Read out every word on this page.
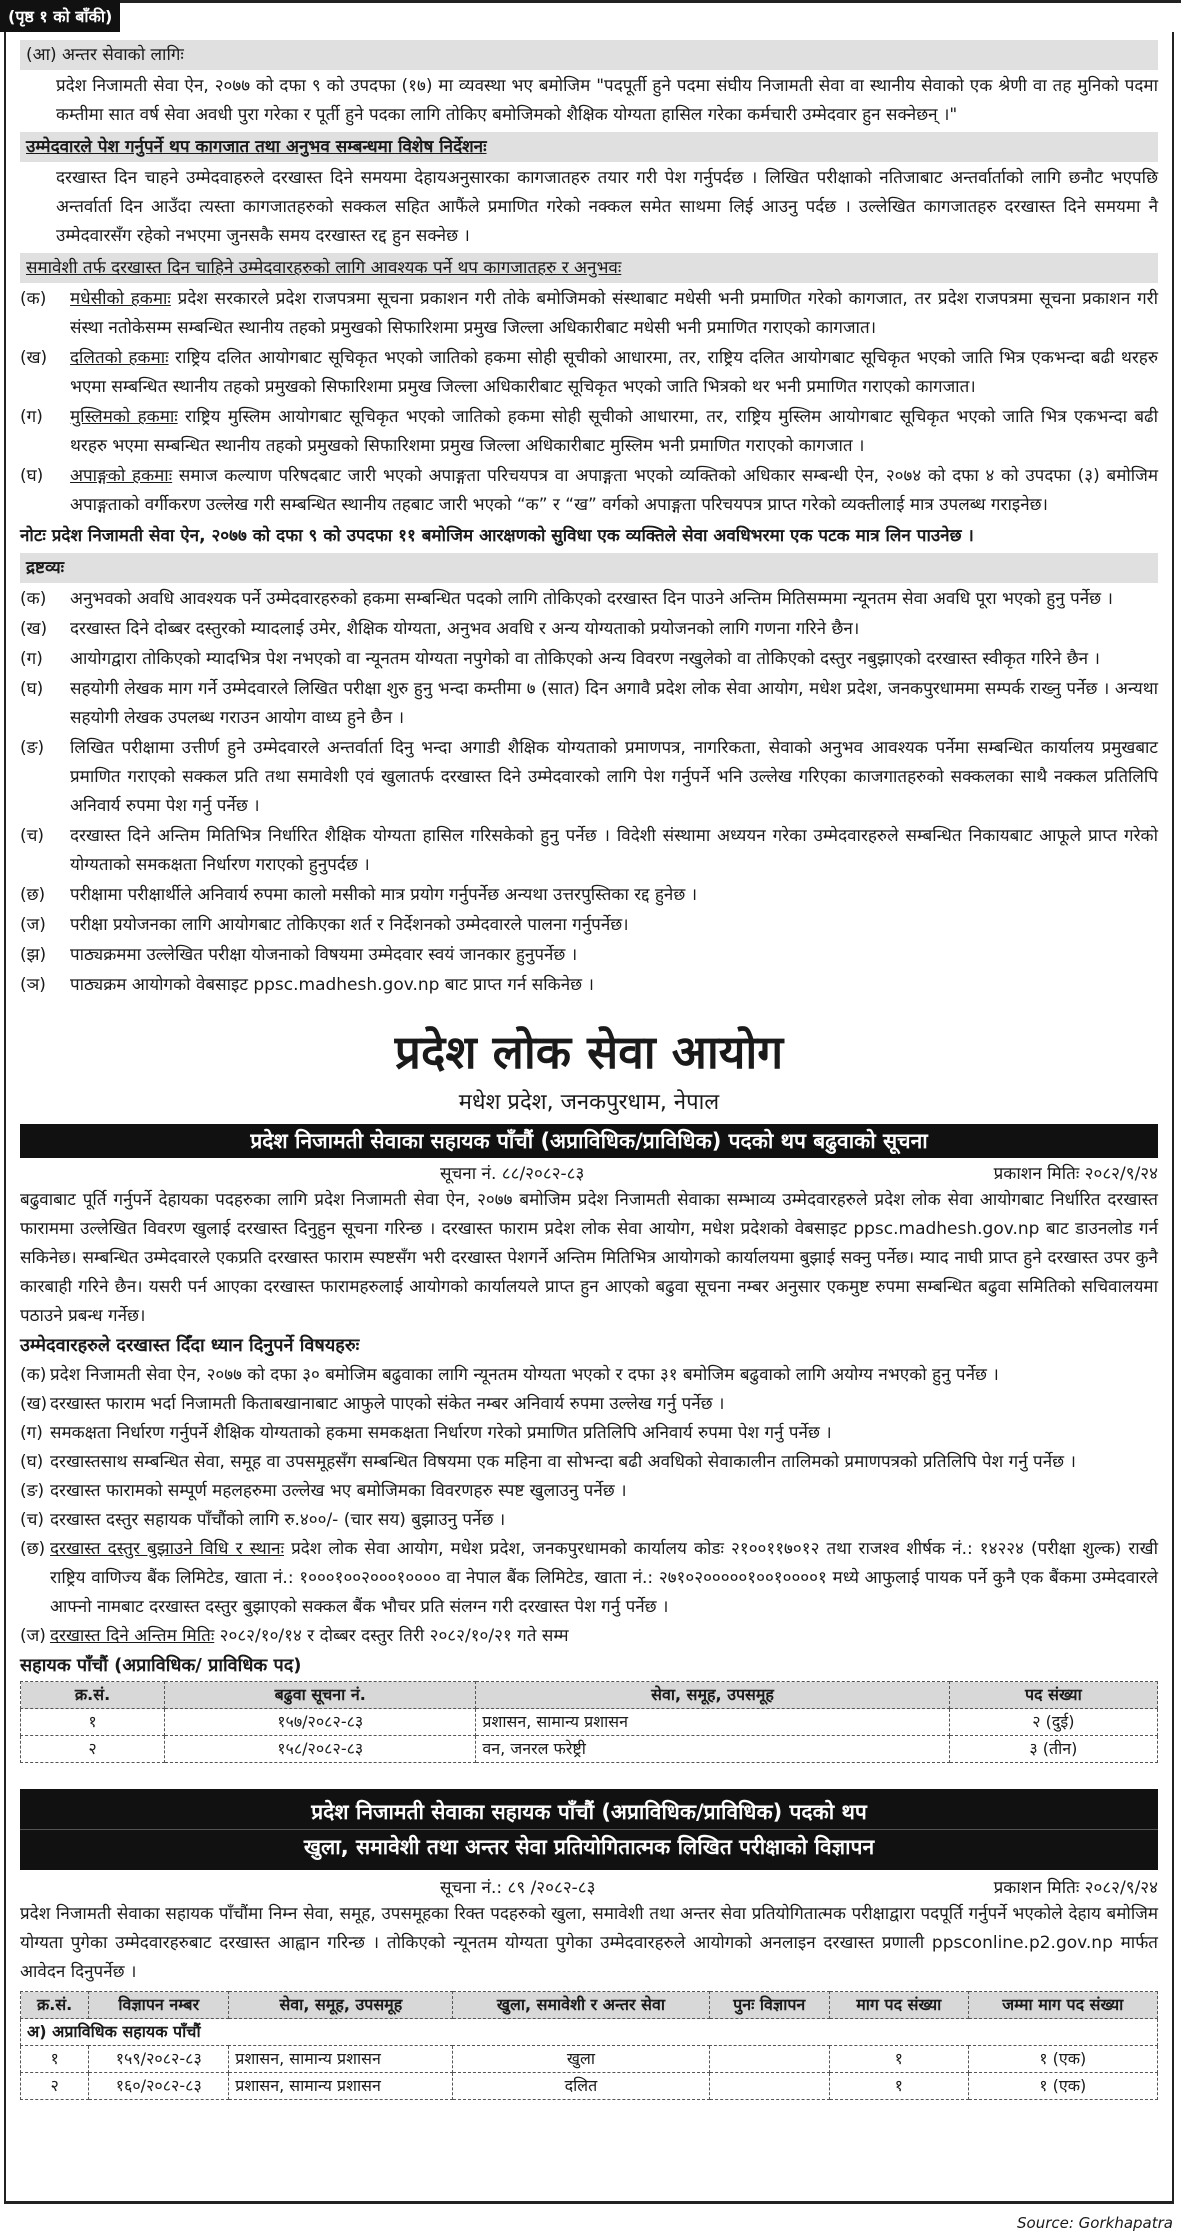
(पृष्ठ १ को बाँकी)
(आ) अन्तर सेवाको लागिः

प्रदेश निजामती सेवा ऐन, २०७७ को दफा ९ को उपदफा (१७) मा व्यवस्था भए बमोजिम "पदपूर्ती हुने पदमा संघीय निजामती सेवा वा स्थानीय सेवाको एक श्रेणी वा तह मुनिको पदमा कम्तीमा सात वर्ष सेवा अवधी पुरा गरेका र पूर्ती हुने पदका लागि तोकिए बमोजिमको शैक्षिक योग्यता हासिल गरेका कर्मचारी उम्मेदवार हुन सक्नेछन् ।"

उम्मेदवारले पेश गर्नुपर्ने थप कागजात तथा अनुभव सम्बन्धमा विशेष निर्देशनः

दरखास्त दिन चाहने उम्मेदवाहरुले दरखास्त दिने समयमा देहायअनुसारका कागजातहरु तयार गरी पेश गर्नुपर्दछ । लिखित परीक्षाको नतिजाबाट अन्तर्वार्ताको लागि छनौट भएपछि अन्तर्वार्ता दिन आउँदा त्यस्ता कागजातहरुको सक्कल सहित आफैंले प्रमाणित गरेको नक्कल समेत साथमा लिई आउनु पर्दछ । उल्लेखित कागजातहरु दरखास्त दिने समयमा नै उम्मेदवारसँग रहेको नभएमा जुनसकै समय दरखास्त रद्द हुन सक्नेछ ।

समावेशी तर्फ दरखास्त दिन चाहिने उम्मेदवारहरुको लागि आवश्यक पर्ने थप कागजातहरु र अनुभवः
(क)	मधेसीको हकमाः प्रदेश सरकारले प्रदेश राजपत्रमा सूचना प्रकाशन गरी तोके बमोजिमको संस्थाबाट मधेसी भनी प्रमाणित गरेको कागजात, तर प्रदेश राजपत्रमा सूचना प्रकाशन गरी संस्था नतोकेसम्म सम्बन्धित स्थानीय तहको प्रमुखको सिफारिशमा प्रमुख जिल्ला अधिकारीबाट मधेसी भनी प्रमाणित गराएको कागजात।
(ख)	दलितको हकमाः राष्ट्रिय दलित आयोगबाट सूचिकृत भएको जातिको हकमा सोही सूचीको आधारमा, तर, राष्ट्रिय दलित आयोगबाट सूचिकृत भएको जाति भित्र एकभन्दा बढी थरहरु भएमा सम्बन्धित स्थानीय तहको प्रमुखको सिफारिशमा प्रमुख जिल्ला अधिकारीबाट सूचिकृत भएको जाति भित्रको थर भनी प्रमाणित गराएको कागजात।
(ग)	मुस्लिमको हकमाः राष्ट्रिय मुस्लिम आयोगबाट सूचिकृत भएको जातिको हकमा सोही सूचीको आधारमा, तर, राष्ट्रिय मुस्लिम आयोगबाट सूचिकृत भएको जाति भित्र एकभन्दा बढी थरहरु भएमा सम्बन्धित स्थानीय तहको प्रमुखको सिफारिशमा प्रमुख जिल्ला अधिकारीबाट मुस्लिम भनी प्रमाणित गराएको कागजात ।
(घ)	अपाङ्गको हकमाः समाज कल्याण परिषदबाट जारी भएको अपाङ्गता परिचयपत्र वा अपाङ्गता भएको व्यक्तिको अधिकार सम्बन्धी ऐन, २०७४ को दफा ४ को उपदफा (३) बमोजिम अपाङ्गताको वर्गीकरण उल्लेख गरी सम्बन्धित स्थानीय तहबाट जारी भएको “क” र “ख” वर्गको अपाङ्गता परिचयपत्र प्राप्त गरेको व्यक्तीलाई मात्र उपलब्ध गराइनेछ।
नोटः प्रदेश निजामती सेवा ऐन, २०७७ को दफा ९ को उपदफा ११ बमोजिम आरक्षणको सुविधा एक व्यक्तिले सेवा अवधिभरमा एक पटक मात्र लिन पाउनेछ ।
द्रष्टव्यः
(क)	अनुभवको अवधि आवश्यक पर्ने उम्मेदवारहरुको हकमा सम्बन्धित पदको लागि तोकिएको दरखास्त दिन पाउने अन्तिम मितिसम्ममा न्यूनतम सेवा अवधि पूरा भएको हुनु पर्नेछ ।
(ख)	दरखास्त दिने दोब्बर दस्तुरको म्यादलाई उमेर, शैक्षिक योग्यता, अनुभव अवधि र अन्य योग्यताको प्रयोजनको लागि गणना गरिने छैन।
(ग)	आयोगद्वारा तोकिएको म्यादभित्र पेश नभएको वा न्यूनतम योग्यता नपुगेको वा तोकिएको अन्य विवरण नखुलेको वा तोकिएको दस्तुर नबुझाएको दरखास्त स्वीकृत गरिने छैन ।
(घ)	सहयोगी लेखक माग गर्ने उम्मेदवारले लिखित परीक्षा शुरु हुनु भन्दा कम्तीमा ७ (सात) दिन अगावै प्रदेश लोक सेवा आयोग, मधेश प्रदेश, जनकपुरधाममा सम्पर्क राख्नु पर्नेछ । अन्यथा सहयोगी लेखक उपलब्ध गराउन आयोग वाध्य हुने छैन ।
(ङ)	लिखित परीक्षामा उत्तीर्ण हुने उम्मेदवारले अन्तर्वार्ता दिनु भन्दा अगाडी शैक्षिक योग्यताको प्रमाणपत्र, नागरिकता, सेवाको अनुभव आवश्यक पर्नेमा सम्बन्धित कार्यालय प्रमुखबाट प्रमाणित गराएको सक्कल प्रति तथा समावेशी एवं खुलातर्फ दरखास्त दिने उम्मेदवारको लागि पेश गर्नुपर्ने भनि उल्लेख गरिएका काजगातहरुको सक्कलका साथै नक्कल प्रतिलिपि अनिवार्य रुपमा पेश गर्नु पर्नेछ ।
(च)	दरखास्त दिने अन्तिम मितिभित्र निर्धारित शैक्षिक योग्यता हासिल गरिसकेको हुनु पर्नेछ । विदेशी संस्थामा अध्ययन गरेका उम्मेदवारहरुले सम्बन्धित निकायबाट आफूले प्राप्त गरेको योग्यताको समकक्षता निर्धारण गराएको हुनुपर्दछ ।
(छ)	परीक्षामा परीक्षार्थीले अनिवार्य रुपमा कालो मसीको मात्र प्रयोग गर्नुपर्नेछ अन्यथा उत्तरपुस्तिका रद्द हुनेछ ।
(ज)	परीक्षा प्रयोजनका लागि आयोगबाट तोकिएका शर्त र निर्देशनको उम्मेदवारले पालना गर्नुपर्नेछ।
(झ)	पाठ्यक्रममा उल्लेखित परीक्षा योजनाको विषयमा उम्मेदवार स्वयं जानकार हुनुपर्नेछ ।
(ञ)	पाठ्यक्रम आयोगको वेबसाइट ppsc.madhesh.gov.np बाट प्राप्त गर्न सकिनेछ ।
प्रदेश लोक सेवा आयोग
मधेश प्रदेश, जनकपुरधाम, नेपाल
प्रदेश निजामती सेवाका सहायक पाँचौं (अप्राविधिक/प्राविधिक) पदको थप बढुवाको सूचना
सूचना नं. ८८/२०८२-८३	प्रकाशन मितिः २०८२/९/२४

बढुवाबाट पूर्ति गर्नुपर्ने देहायका पदहरुका लागि प्रदेश निजामती सेवा ऐन, २०७७ बमोजिम प्रदेश निजामती सेवाका सम्भाव्य उम्मेदवारहरुले प्रदेश लोक सेवा आयोगबाट निर्धारित दरखास्त फाराममा उल्लेखित विवरण खुलाई दरखास्त दिनुहुन सूचना गरिन्छ । दरखास्त फाराम प्रदेश लोक सेवा आयोग, मधेश प्रदेशको वेबसाइट ppsc.madhesh.gov.np बाट डाउनलोड गर्न सकिनेछ। सम्बन्धित उम्मेदवारले एकप्रति दरखास्त फाराम स्पष्टसँग भरी दरखास्त पेशगर्ने अन्तिम मितिभित्र आयोगको कार्यालयमा बुझाई सक्नु पर्नेछ। म्याद नाघी प्राप्त हुने दरखास्त उपर कुनै कारबाही गरिने छैन। यसरी पर्न आएका दरखास्त फारामहरुलाई आयोगको कार्यालयले प्राप्त हुन आएको बढुवा सूचना नम्बर अनुसार एकमुष्ट रुपमा सम्बन्धित बढुवा समितिको सचिवालयमा पठाउने प्रबन्ध गर्नेछ।

उम्मेदवारहरुले दरखास्त दिँदा ध्यान दिनुपर्ने विषयहरुः
(क) प्रदेश निजामती सेवा ऐन, २०७७ को दफा ३० बमोजिम बढुवाका लागि न्यूनतम योग्यता भएको र दफा ३१ बमोजिम बढुवाको लागि अयोग्य नभएको हुनु पर्नेछ ।
(ख) दरखास्त फाराम भर्दा निजामती किताबखानाबाट आफुले पाएको संकेत नम्बर अनिवार्य रुपमा उल्लेख गर्नु पर्नेछ ।
(ग) समकक्षता निर्धारण गर्नुपर्ने शैक्षिक योग्यताको हकमा समकक्षता निर्धारण गरेको प्रमाणित प्रतिलिपि अनिवार्य रुपमा पेश गर्नु पर्नेछ ।
(घ) दरखास्तसाथ सम्बन्धित सेवा, समूह वा उपसमूहसँग सम्बन्धित विषयमा एक महिना वा सोभन्दा बढी अवधिको सेवाकालीन तालिमको प्रमाणपत्रको प्रतिलिपि पेश गर्नु पर्नेछ ।
(ङ) दरखास्त फारामको सम्पूर्ण महलहरुमा उल्लेख भए बमोजिमका विवरणहरु स्पष्ट खुलाउनु पर्नेछ ।
(च) दरखास्त दस्तुर सहायक पाँचौंको लागि रु.४००/- (चार सय) बुझाउनु पर्नेछ ।
(छ) दरखास्त दस्तुर बुझाउने विधि र स्थानः प्रदेश लोक सेवा आयोग, मधेश प्रदेश, जनकपुरधामको कार्यालय कोडः २१००११७०१२ तथा राजश्व शीर्षक नं.: १४२२४ (परीक्षा शुल्क) राखी राष्ट्रिय वाणिज्य बैंक लिमिटेड, खाता नं.: १०००१००२०००१०००० वा नेपाल बैंक लिमिटेड, खाता नं.: २७१०२०००००१००१००००१ मध्ये आफुलाई पायक पर्ने कुनै एक बैंकमा उम्मेदवारले आफ्नो नामबाट दरखास्त दस्तुर बुझाएको सक्कल बैंक भौचर प्रति संलग्न गरी दरखास्त पेश गर्नु पर्नेछ ।
(ज) दरखास्त दिने अन्तिम मितिः २०८२/१०/१४ र दोब्बर दस्तुर तिरी २०८२/१०/२१ गते सम्म
सहायक पाँचौं (अप्राविधिक/ प्राविधिक पद)
क्र.सं.	बढुवा सूचना नं.	सेवा, समूह, उपसमूह	पद संख्या
१	१५७/२०८२-८३	प्रशासन, सामान्य प्रशासन	२ (दुई)
२	१५८/२०८२-८३	वन, जनरल फरेष्ट्री	३ (तीन)
प्रदेश निजामती सेवाका सहायक पाँचौं (अप्राविधिक/प्राविधिक) पदको थप
खुला, समावेशी तथा अन्तर सेवा प्रतियोगितात्मक लिखित परीक्षाको विज्ञापन
सूचना नं.: ८९ /२०८२-८३	प्रकाशन मितिः २०८२/९/२४

प्रदेश निजामती सेवाका सहायक पाँचौंमा निम्न सेवा, समूह, उपसमूहका रिक्त पदहरुको खुला, समावेशी तथा अन्तर सेवा प्रतियोगितात्मक परीक्षाद्वारा पदपूर्ति गर्नुपर्ने भएकोले देहाय बमोजिम योग्यता पुगेका उम्मेदवारहरुबाट दरखास्त आह्वान गरिन्छ । तोकिएको न्यूनतम योग्यता पुगेका उम्मेदवारहरुले आयोगको अनलाइन दरखास्त प्रणाली ppsconline.p2.gov.np मार्फत आवेदन दिनुपर्नेछ ।

क्र.सं.	विज्ञापन नम्बर	सेवा, समूह, उपसमूह	खुला, समावेशी र अन्तर सेवा	पुनः विज्ञापन	माग पद संख्या	जम्मा माग पद संख्या
अ) अप्राविधिक सहायक पाँचौं						
१	१५९/२०८२-८३	प्रशासन, सामान्य प्रशासन	खुला		१	१ (एक)
२	१६०/२०८२-८३	प्रशासन, सामान्य प्रशासन	दलित		१	१ (एक)
Source: Gorkhapatra
